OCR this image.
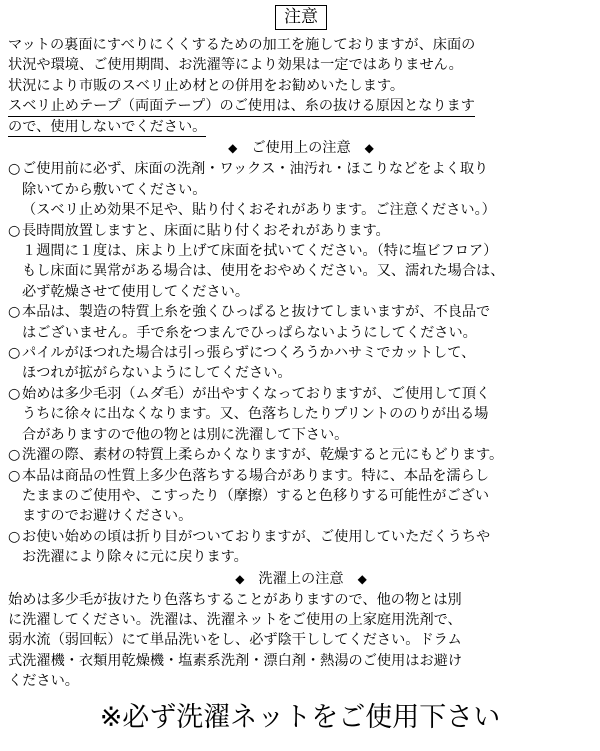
注意
マットの裏面にすべりにくくするための加工を施しておりますが、床面の
状況や環境、ご使用期間、お洗濯等により効果は一定ではありません。
状況により市販のスベリ止め材との併用をお勧めいたします。
スベリ止めテープ（両面テープ）のご使用は、糸の抜ける原因となります
ので、使用しないでください。
◆ ご使用上の注意 ◆
○ ご使用前に必ず、床面の洗剤・ワックス・油汚れ・ほこりなどをよく取り
除いてから敷いてください。
（スベリ止め効果不足や、貼り付くおそれがあります。ご注意ください。）
○ 長時間放置しますと、床面に貼り付くおそれがあります。
１週間に１度は、床より上げて床面を拭いてください。（特に塩ビフロア）
もし床面に異常がある場合は、使用をおやめください。又、濡れた場合は、
必ず乾燥させて使用してください。
○ 本品は、製造の特質上糸を強くひっぱると抜けてしまいますが、不良品で
はございません。手で糸をつまんでひっぱらないようにしてください。
○ パイルがほつれた場合は引っ張らずにつくろうかハサミでカットして、
ほつれが拡がらないようにしてください。
○ 始めは多少毛羽（ムダ毛）が出やすくなっておりますが、ご使用して頂く
うちに徐々に出なくなります。又、色落ちしたりプリントののりが出る場
合がありますので他の物とは別に洗濯して下さい。
○ 洗濯の際、素材の特質上柔らかくなりますが、乾燥すると元にもどります。
○ 本品は商品の性質上多少色落ちする場合があります。特に、本品を濡らし
たままのご使用や、こすったり（摩擦）すると色移りする可能性がござい
ますのでお避けください。
○ お使い始めの頃は折り目がついておりますが、ご使用していただくうちや
お洗濯により除々に元に戻ります。
◆ 洗濯上の注意 ◆
始めは多少毛が抜けたり色落ちすることがありますので、他の物とは別
に洗濯してください。洗濯は、洗濯ネットをご使用の上家庭用洗剤で、
弱水流（弱回転）にて単品洗いをし、必ず陰干ししてください。ドラム
式洗濯機・衣類用乾燥機・塩素系洗剤・漂白剤・熱湯のご使用はお避け
ください。
※必ず洗濯ネットをご使用下さい
